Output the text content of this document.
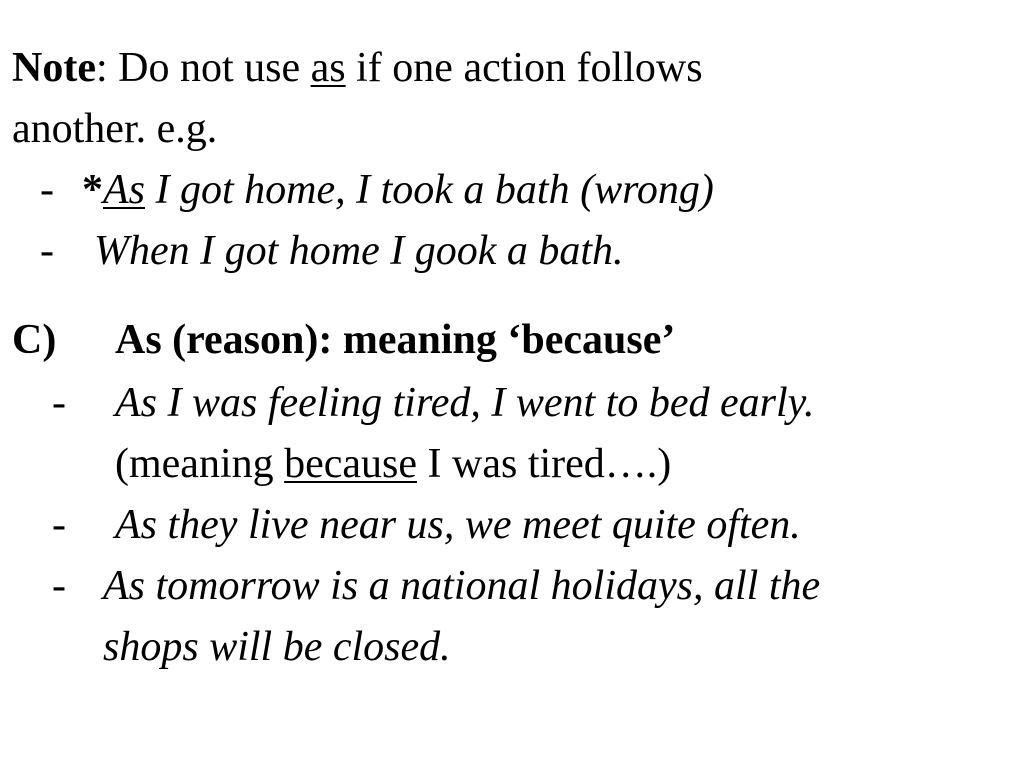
Note: Do not use as if one action follows
another. e.g.
- *As I got home, I took a bath (wrong)
- When I got home I gook a bath.
C) As (reason): meaning ‘because’
- As I was feeling tired, I went to bed early.
(meaning because I was tired….)
- As they live near us, we meet quite often.
- As tomorrow is a national holidays, all the
shops will be closed.
